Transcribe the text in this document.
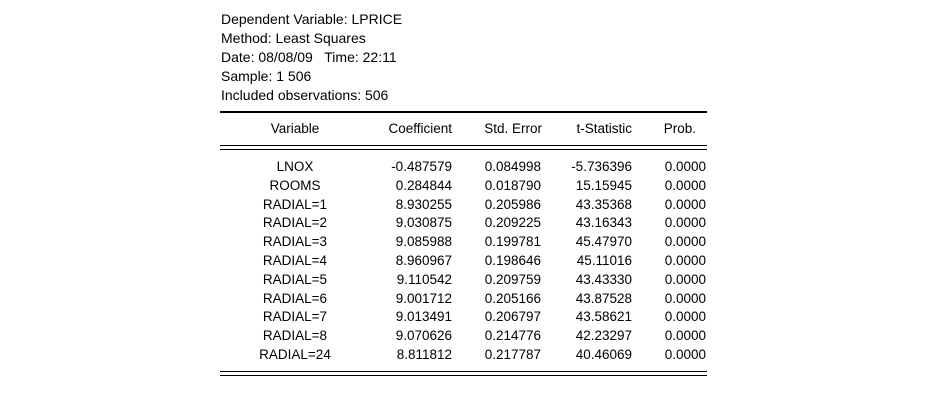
Dependent Variable: LPRICE
Method: Least Squares
Date: 08/08/09   Time: 22:11
Sample: 1 506
Included observations: 506
Variable	Coefficient Std. Error	t-Statistic Prob.
LNOX	-0.487579 0.084998 -5.736396 0.0000
ROOMS	0.284844 0.018790	15.15945 0.0000
RADIAL=1	8.930255 0.205986	43.35368 0.0000
RADIAL=2	9.030875 0.209225	43.16343 0.0000
RADIAL=3	9.085988 0.199781	45.47970 0.0000
RADIAL=4	8.960967 0.198646	45.11016 0.0000
RADIAL=5	9.110542 0.209759	43.43330 0.0000
RADIAL=6	9.001712 0.205166	43.87528 0.0000
RADIAL=7	9.013491 0.206797	43.58621 0.0000
RADIAL=8	9.070626 0.214776	42.23297 0.0000
RADIAL=24	8.811812 0.217787	40.46069 0.0000
